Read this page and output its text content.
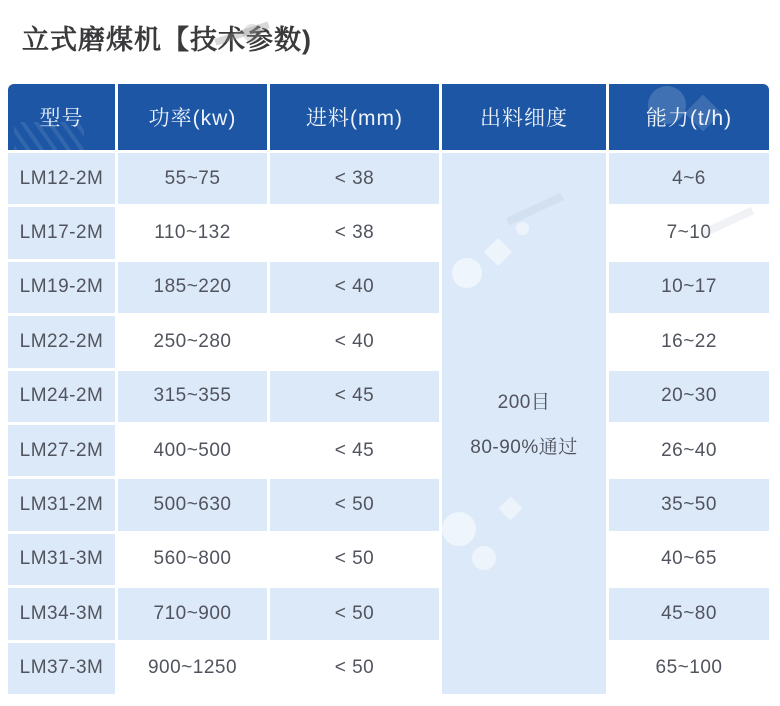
立式磨煤机【技术参数)
型号	功率(kw)	进料(mm)	出料细度	能力(t/h)
200目
80-90%通过
LM12-2M	55~75	< 38	4~6
LM17-2M	110~132	< 38	7~10
LM19-2M	185~220	< 40	10~17
LM22-2M	250~280	< 40	16~22
LM24-2M	315~355	< 45	20~30
LM27-2M	400~500	< 45	26~40
LM31-2M	500~630	< 50	35~50
LM31-3M	560~800	< 50	40~65
LM34-3M	710~900	< 50	45~80
LM37-3M	900~1250	< 50	65~100
